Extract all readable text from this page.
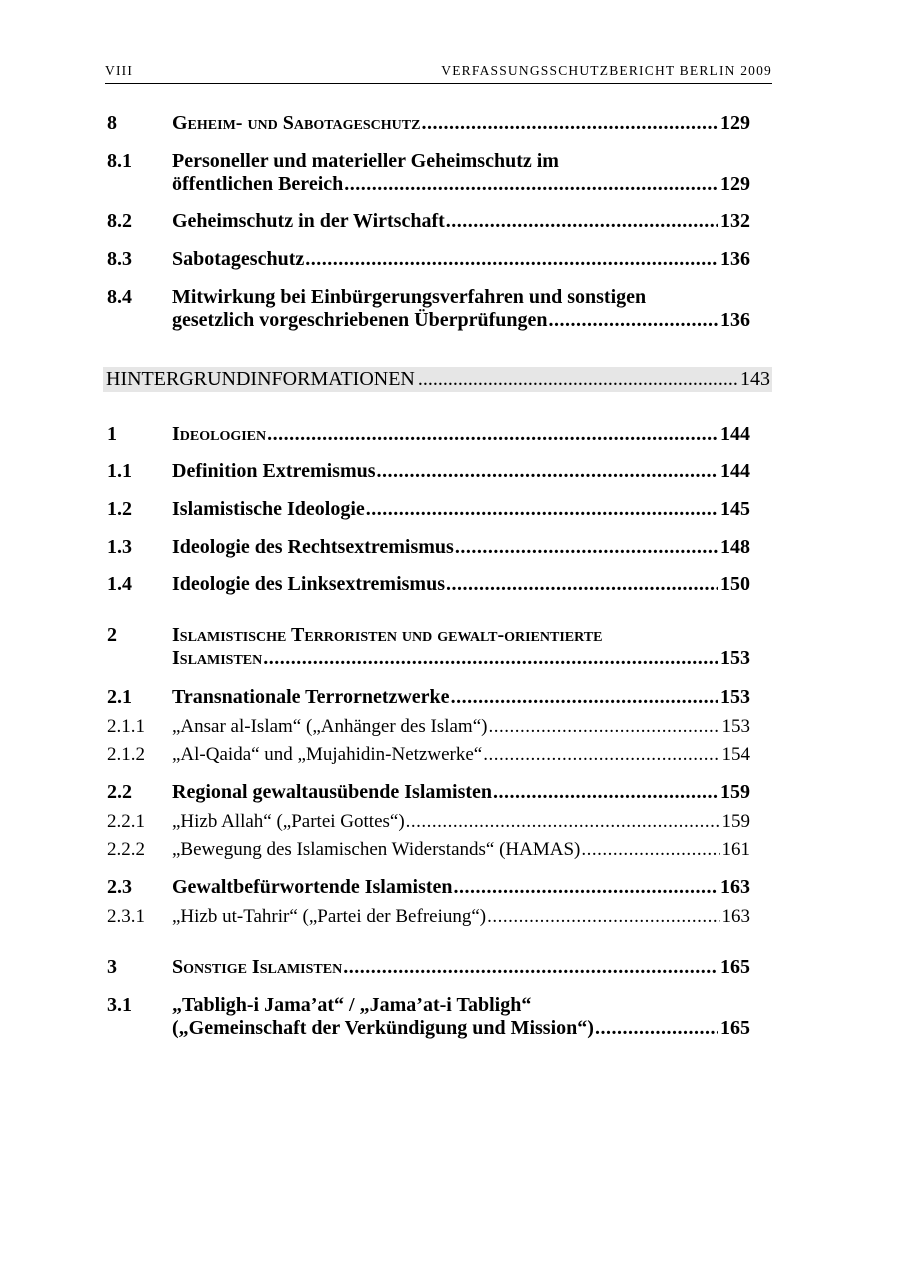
VIII	VERFASSUNGSSCHUTZBERICHT BERLIN 2009
8	Geheim- und Sabotageschutz .....	129
8.1 Personeller und materieller Geheimschutz im
öffentlichen Bereich .....	129
8.2 Geheimschutz in der Wirtschaft .....	132
8.3 Sabotageschutz .....	136
8.4 Mitwirkung bei Einbürgerungsverfahren und sonstigen
gesetzlich vorgeschriebenen Überprüfungen .....	136
HINTERGRUNDINFORMATIONEN .....	143
1	Ideologien .....	144
1.1 Definition Extremismus .....	144
1.2 Islamistische Ideologie .....	145
1.3 Ideologie des Rechtsextremismus .....	148
1.4 Ideologie des Linksextremismus .....	150
2	Islamistische Terroristen und gewalt-orientierte
Islamisten .....	153
2.1 Transnationale Terrornetzwerke .....	153
2.1.1 „Ansar al-Islam“ („Anhänger des Islam“) .....	153
2.1.2 „Al-Qaida“ und „Mujahidin-Netzwerke“ .....	154
2.2 Regional gewaltausübende Islamisten .....	159
2.2.1 „Hizb Allah“ („Partei Gottes“) .....	159
2.2.2 „Bewegung des Islamischen Widerstands“ (HAMAS) .....	161
2.3 Gewaltbefürwortende Islamisten .....	163
2.3.1 „Hizb ut-Tahrir“ („Partei der Befreiung“) .....	163
3	Sonstige Islamisten .....	165
3.1 „Tabligh-i Jama’at“ / „Jama’at-i Tabligh“
(„Gemeinschaft der Verkündigung und Mission“) .....	165
